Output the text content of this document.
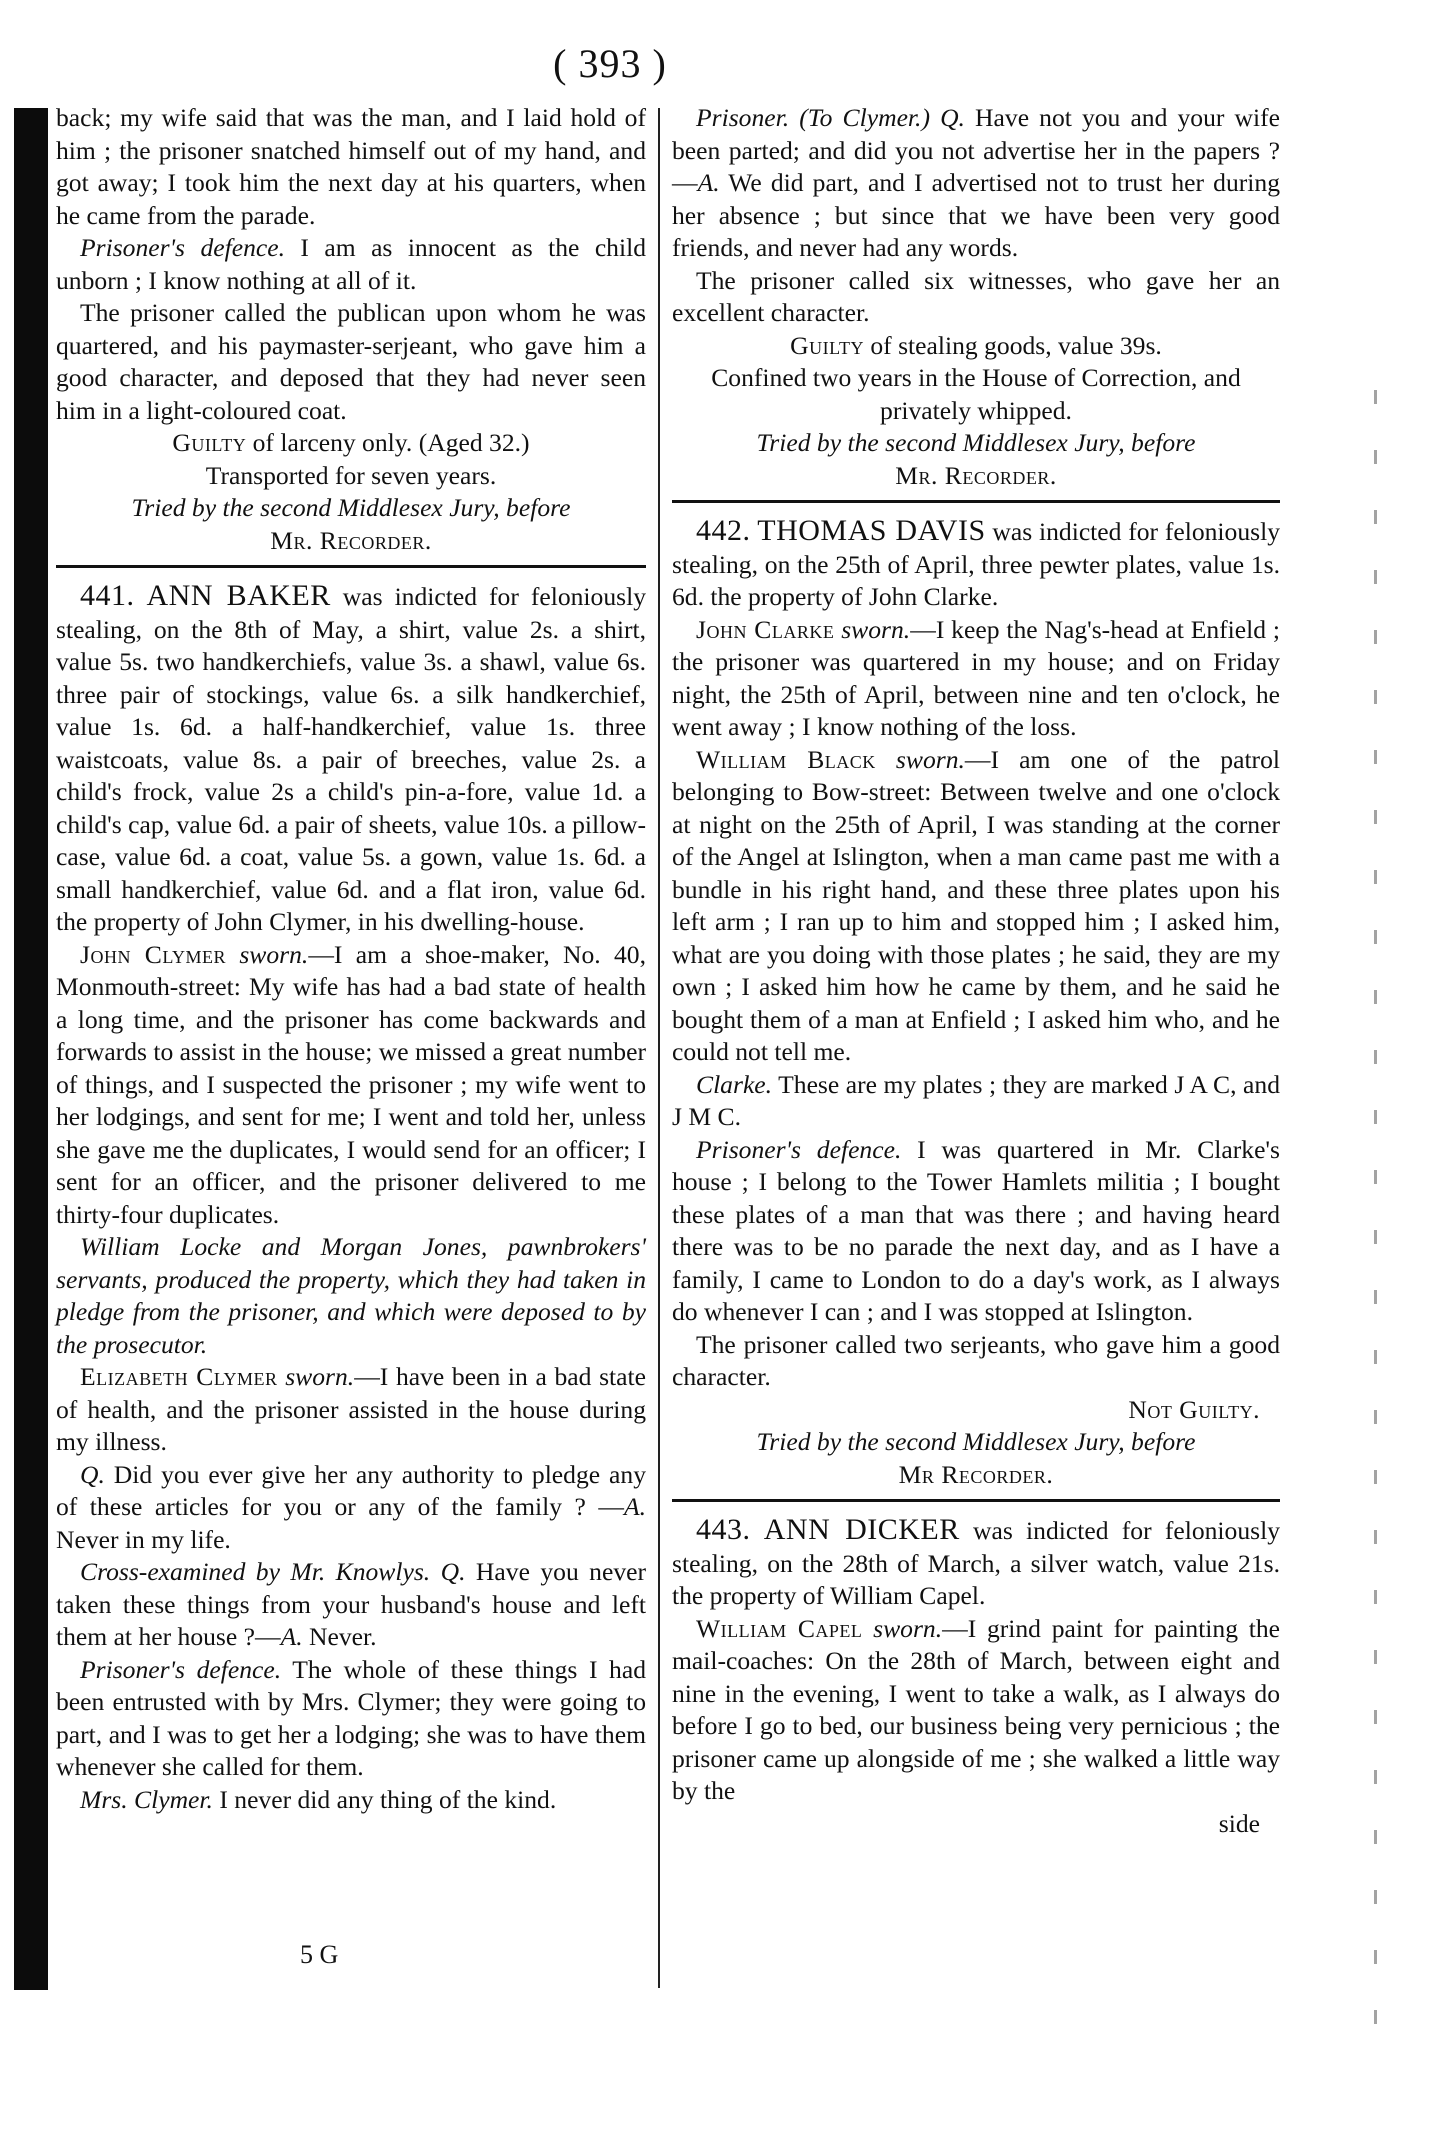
( 393 )

back; my wife said that was the man, and I laid hold of him ; the prisoner snatched himself out of my hand, and got away; I took him the next day at his quarters, when he came from the parade.

Prisoner's defence. I am as innocent as the child unborn ; I know nothing at all of it.

The prisoner called the publican upon whom he was quartered, and his paymaster-serjeant, who gave him a good character, and deposed that they had never seen him in a light-coloured coat.

Guilty of larceny only. (Aged 32.)

Transported for seven years.

Tried by the second Middlesex Jury, before

Mr. Recorder.

441. ANN BAKER was indicted for feloniously stealing, on the 8th of May, a shirt, value 2s. a shirt, value 5s. two handkerchiefs, value 3s. a shawl, value 6s. three pair of stockings, value 6s. a silk handkerchief, value 1s. 6d. a half-handkerchief, value 1s. three waistcoats, value 8s. a pair of breeches, value 2s. a child's frock, value 2s a child's pin-a-fore, value 1d. a child's cap, value 6d. a pair of sheets, value 10s. a pillow-case, value 6d. a coat, value 5s. a gown, value 1s. 6d. a small handkerchief, value 6d. and a flat iron, value 6d. the property of John Clymer, in his dwelling-house.

John Clymer sworn.—I am a shoe-maker, No. 40, Monmouth-street: My wife has had a bad state of health a long time, and the prisoner has come backwards and forwards to assist in the house; we missed a great number of things, and I suspected the prisoner ; my wife went to her lodgings, and sent for me; I went and told her, unless she gave me the duplicates, I would send for an officer; I sent for an officer, and the prisoner delivered to me thirty-four duplicates.

William Locke and Morgan Jones, pawnbrokers' servants, produced the property, which they had taken in pledge from the prisoner, and which were deposed to by the prosecutor.

Elizabeth Clymer sworn.—I have been in a bad state of health, and the prisoner assisted in the house during my illness.

Q. Did you ever give her any authority to pledge any of these articles for you or any of the family ? —A. Never in my life.

Cross-examined by Mr. Knowlys. Q. Have you never taken these things from your husband's house and left them at her house ?—A. Never.

Prisoner's defence. The whole of these things I had been entrusted with by Mrs. Clymer; they were going to part, and I was to get her a lodging; she was to have them whenever she called for them.

Mrs. Clymer. I never did any thing of the kind.

Prisoner. (To Clymer.) Q. Have not you and your wife been parted; and did you not advertise her in the papers ?—A. We did part, and I advertised not to trust her during her absence ; but since that we have been very good friends, and never had any words.

The prisoner called six witnesses, who gave her an excellent character.

Guilty of stealing goods, value 39s.

Confined two years in the House of Correction, and privately whipped.

Tried by the second Middlesex Jury, before

Mr. Recorder.

442. THOMAS DAVIS was indicted for feloniously stealing, on the 25th of April, three pewter plates, value 1s. 6d. the property of John Clarke.

John Clarke sworn.—I keep the Nag's-head at Enfield ; the prisoner was quartered in my house; and on Friday night, the 25th of April, between nine and ten o'clock, he went away ; I know nothing of the loss.

William Black sworn.—I am one of the patrol belonging to Bow-street: Between twelve and one o'clock at night on the 25th of April, I was standing at the corner of the Angel at Islington, when a man came past me with a bundle in his right hand, and these three plates upon his left arm ; I ran up to him and stopped him ; I asked him, what are you doing with those plates ; he said, they are my own ; I asked him how he came by them, and he said he bought them of a man at Enfield ; I asked him who, and he could not tell me.

Clarke. These are my plates ; they are marked J A C, and J M C.

Prisoner's defence. I was quartered in Mr. Clarke's house ; I belong to the Tower Hamlets militia ; I bought these plates of a man that was there ; and having heard there was to be no parade the next day, and as I have a family, I came to London to do a day's work, as I always do whenever I can ; and I was stopped at Islington.

The prisoner called two serjeants, who gave him a good character.

Not Guilty.

Tried by the second Middlesex Jury, before

Mr Recorder.

443. ANN DICKER was indicted for feloniously stealing, on the 28th of March, a silver watch, value 21s. the property of William Capel.

William Capel sworn.—I grind paint for painting the mail-coaches: On the 28th of March, between eight and nine in the evening, I went to take a walk, as I always do before I go to bed, our business being very pernicious ; the prisoner came up alongside of me ; she walked a little way by the

side

5 G
